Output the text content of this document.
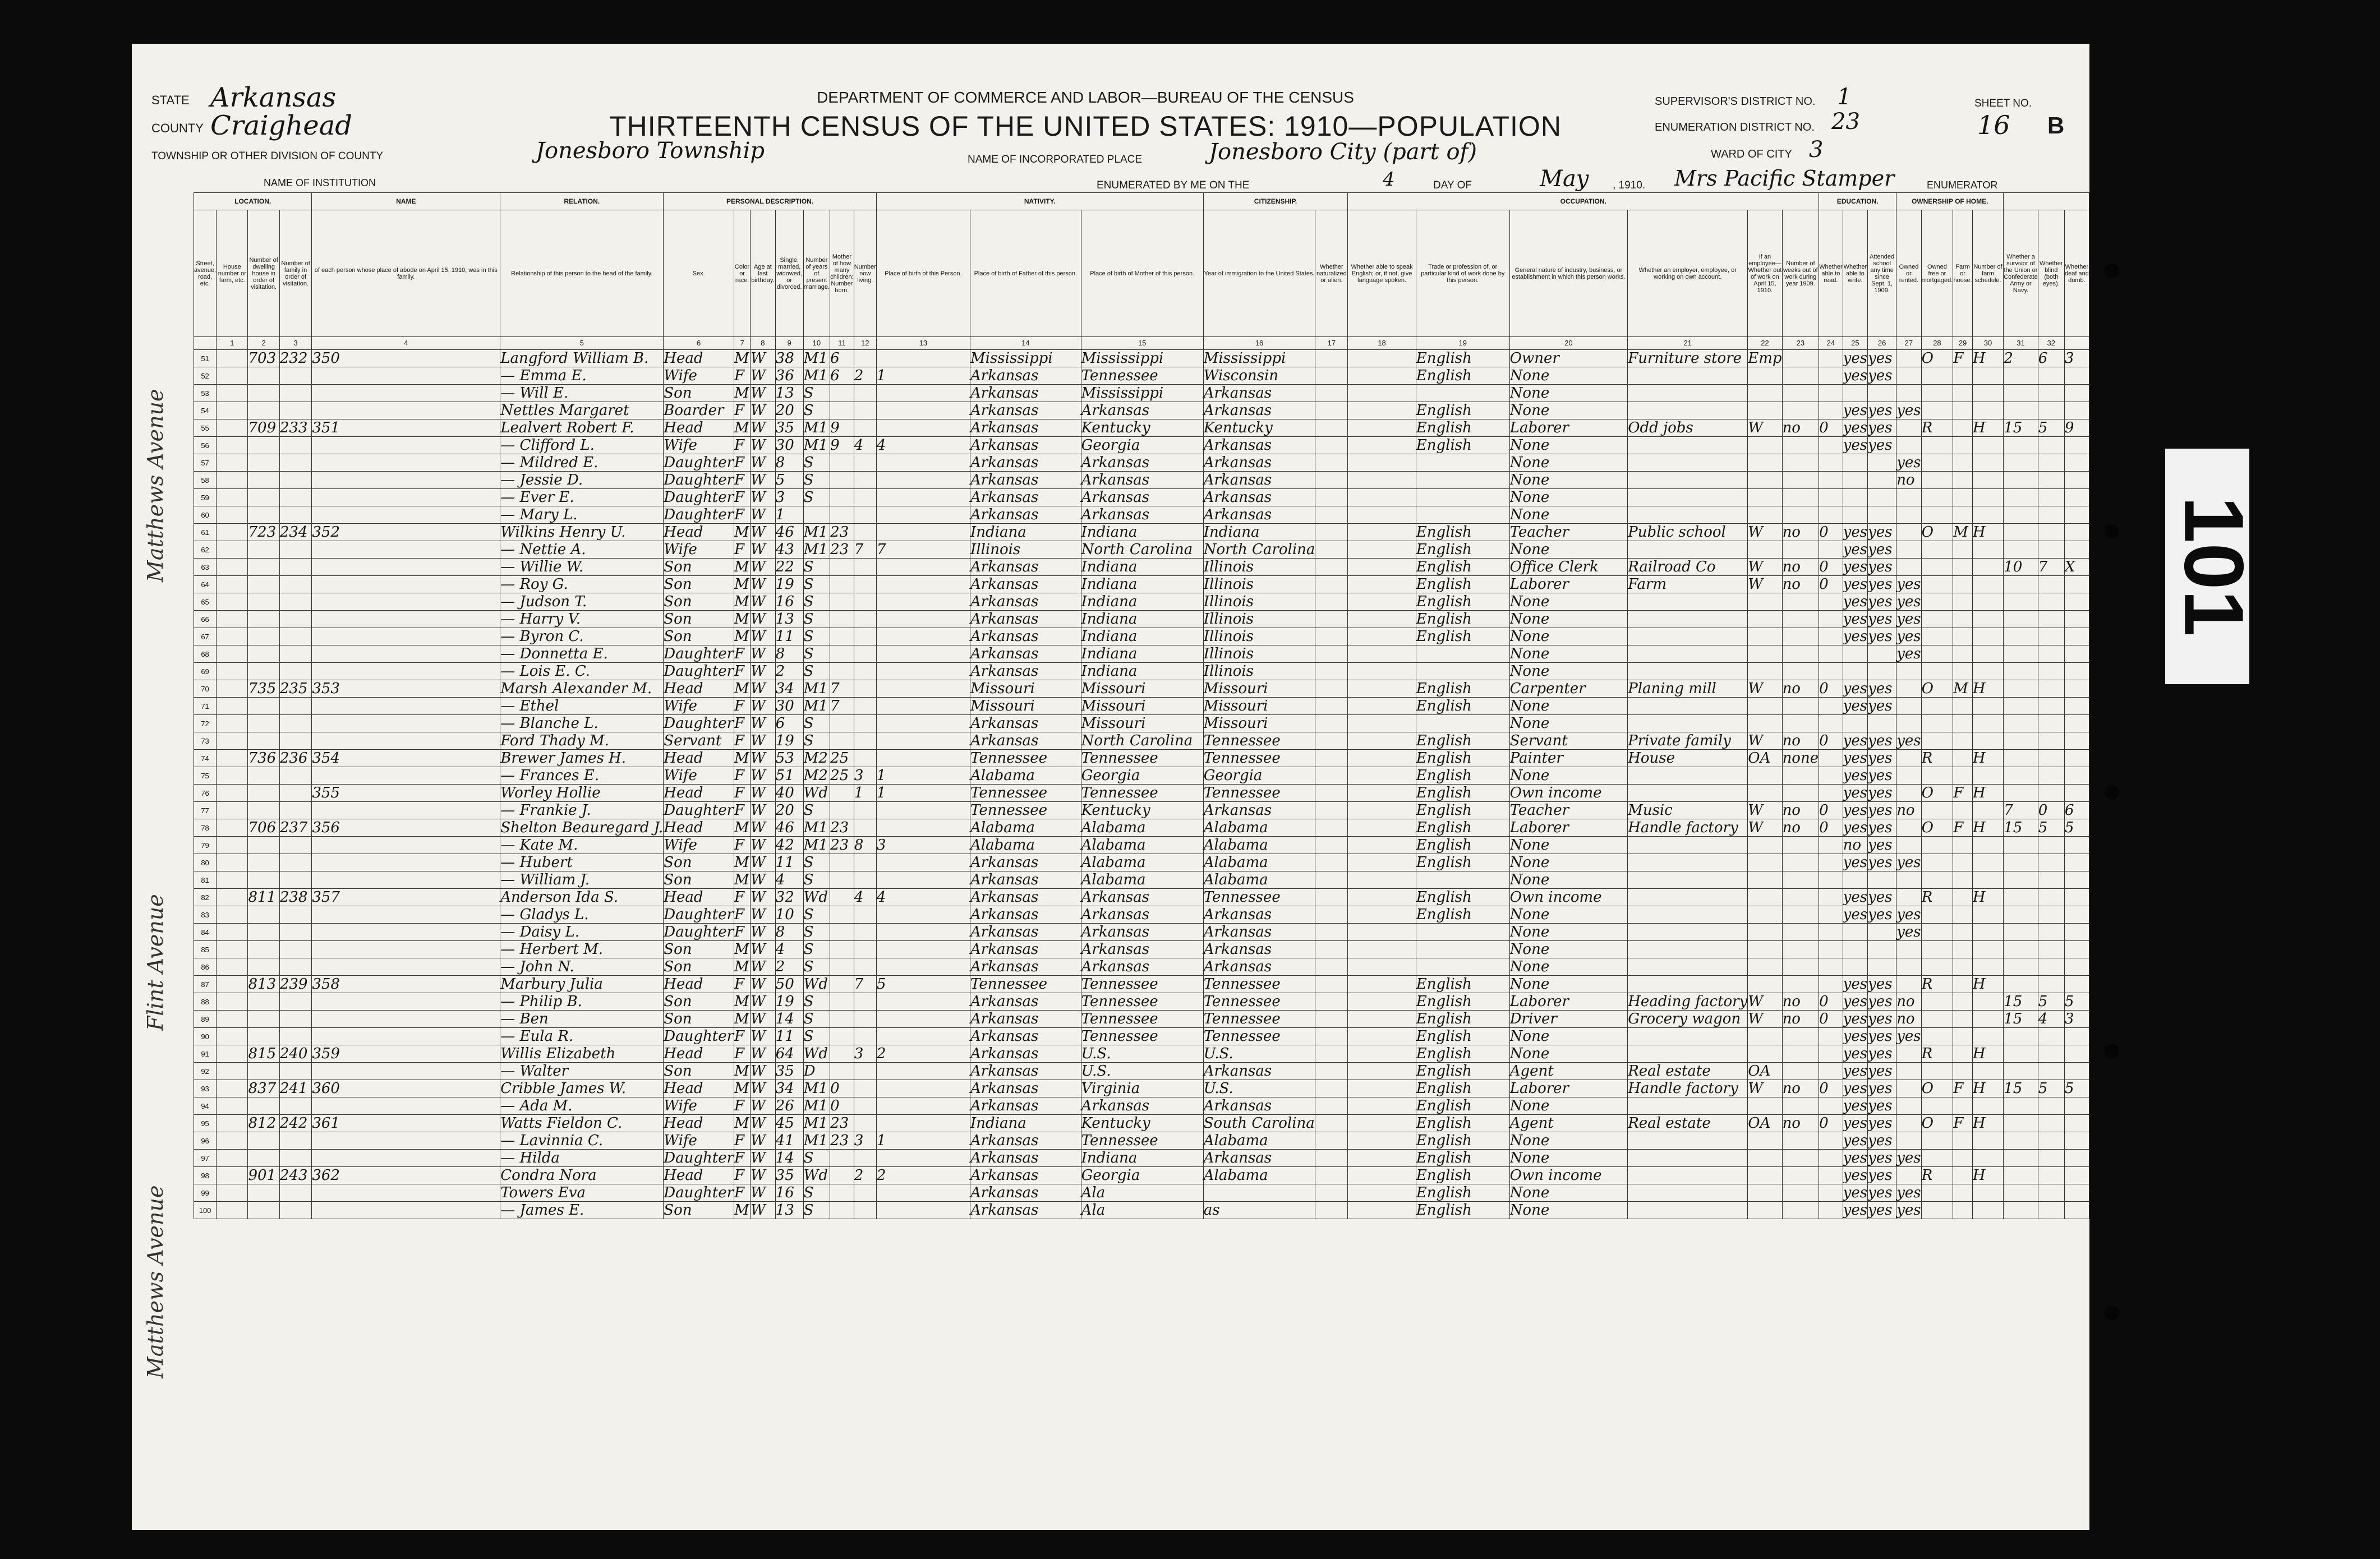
STATE Arkansas
COUNTY Craighead
TOWNSHIP OR OTHER DIVISION OF COUNTY	Jonesboro Township
NAME OF INSTITUTION
DEPARTMENT OF COMMERCE AND LABOR—BUREAU OF THE CENSUS
THIRTEENTH CENSUS OF THE UNITED STATES: 1910—POPULATION
NAME OF INCORPORATED PLACE	Jonesboro City (part of)
ENUMERATED BY ME ON THE	4	DAY OF	May , 1910. Mrs Pacific Stamper	ENUMERATOR
SUPERVISOR'S DISTRICT NO. 1
ENUMERATION DISTRICT NO. 23
WARD OF CITY 3
SHEET NO.
16 B
Matthews Avenue
Flint Avenue
Matthews Avenue
LOCATION.				NAME	RELATION.	PERSONAL DESCRIPTION.							NATIVITY.			CITIZENSHIP.		OCCUPATION.						EDUCATION.			OWNERSHIP OF HOME.						
Street, avenue, road, etc.	House number or farm, etc.	Number of dwelling house in order of visitation.	Number of family in order of visitation.	of each person whose place of abode on April 15, 1910, was in this family.	Relationship of this person to the head of the family.	Sex.	Color or race.	Age at last birthday.	Single, married, widowed, or divorced.	Number of years of present marriage.	Mother of how many children: Number born.	Number now living.	Place of birth of this Person.	Place of birth of Father of this person.	Place of birth of Mother of this person.	Year of immigration to the United States.	Whether naturalized or alien.	Whether able to speak English; or, if not, give language spoken.	Trade or profession of, or particular kind of work done by this person.	General nature of industry, business, or establishment in which this person works.	Whether an employer, employee, or working on own account.	If an employee—Whether out of work on April 15, 1910.	Number of weeks out of work during year 1909.	Whether able to read.	Whether able to write.	Attended school any time since Sept. 1, 1909.	Owned or rented.	Owned free or mortgaged.	Farm or house.	Number of farm schedule.	Whether a survivor of the Union or Confederate Army or Navy.	Whether blind (both eyes).	Whether deaf and dumb.
	1	2	3	4	5	6	7	8	9	10	11	12	13	14	15	16	17	18	19	20	21	22	23	24	25	26	27	28	29	30	31	32	
51		703	232	350	Langford William B.	Head	M	W	38	M1	6			Mississippi	Mississippi	Mississippi			English	Owner	Furniture store	Emp			yes	yes		O	F	H	2	6	3
52					— Emma E.	Wife	F	W	36	M1	6	2	1	Arkansas	Tennessee	Wisconsin			English	None					yes	yes							
53					— Will E.	Son	M	W	13	S				Arkansas	Mississippi	Arkansas				None													
54					Nettles Margaret	Boarder	F	W	20	S				Arkansas	Arkansas	Arkansas			English	None					yes	yes	yes						
55		709	233	351	Lealvert Robert F.	Head	M	W	35	M1	9			Arkansas	Kentucky	Kentucky			English	Laborer	Odd jobs	W	no	0	yes	yes		R		H	15	5	9
56					— Clifford L.	Wife	F	W	30	M1	9	4	4	Arkansas	Georgia	Arkansas			English	None					yes	yes							
57					— Mildred E.	Daughter	F	W	8	S				Arkansas	Arkansas	Arkansas				None							yes						
58					— Jessie D.	Daughter	F	W	5	S				Arkansas	Arkansas	Arkansas				None							no						
59					— Ever E.	Daughter	F	W	3	S				Arkansas	Arkansas	Arkansas				None													
60					— Mary L.	Daughter	F	W	1					Arkansas	Arkansas	Arkansas				None													
61		723	234	352	Wilkins Henry U.	Head	M	W	46	M1	23			Indiana	Indiana	Indiana			English	Teacher	Public school	W	no	0	yes	yes		O	M	H			
62					— Nettie A.	Wife	F	W	43	M1	23	7	7	Illinois	North Carolina	North Carolina			English	None					yes	yes							
63					— Willie W.	Son	M	W	22	S				Arkansas	Indiana	Illinois			English	Office Clerk	Railroad Co	W	no	0	yes	yes					10	7	X
64					— Roy G.	Son	M	W	19	S				Arkansas	Indiana	Illinois			English	Laborer	Farm	W	no	0	yes	yes	yes						
65					— Judson T.	Son	M	W	16	S				Arkansas	Indiana	Illinois			English	None					yes	yes	yes						
66					— Harry V.	Son	M	W	13	S				Arkansas	Indiana	Illinois			English	None					yes	yes	yes						
67					— Byron C.	Son	M	W	11	S				Arkansas	Indiana	Illinois			English	None					yes	yes	yes						
68					— Donnetta E.	Daughter	F	W	8	S				Arkansas	Indiana	Illinois				None							yes						
69					— Lois E. C.	Daughter	F	W	2	S				Arkansas	Indiana	Illinois				None													
70		735	235	353	Marsh Alexander M.	Head	M	W	34	M1	7			Missouri	Missouri	Missouri			English	Carpenter	Planing mill	W	no	0	yes	yes		O	M	H			
71					— Ethel	Wife	F	W	30	M1	7			Missouri	Missouri	Missouri			English	None					yes	yes							
72					— Blanche L.	Daughter	F	W	6	S				Arkansas	Missouri	Missouri				None													
73					Ford Thady M.	Servant	F	W	19	S				Arkansas	North Carolina	Tennessee			English	Servant	Private family	W	no	0	yes	yes	yes						
74		736	236	354	Brewer James H.	Head	M	W	53	M2	25			Tennessee	Tennessee	Tennessee			English	Painter	House	OA	none		yes	yes		R		H			
75					— Frances E.	Wife	F	W	51	M2	25	3	1	Alabama	Georgia	Georgia			English	None					yes	yes							
76				355	Worley Hollie	Head	F	W	40	Wd		1	1	Tennessee	Tennessee	Tennessee			English	Own income					yes	yes		O	F	H			
77					— Frankie J.	Daughter	F	W	20	S				Tennessee	Kentucky	Arkansas			English	Teacher	Music	W	no	0	yes	yes	no				7	0	6
78		706	237	356	Shelton Beauregard J.	Head	M	W	46	M1	23			Alabama	Alabama	Alabama			English	Laborer	Handle factory	W	no	0	yes	yes		O	F	H	15	5	5
79					— Kate M.	Wife	F	W	42	M1	23	8	3	Alabama	Alabama	Alabama			English	None					no	yes							
80					— Hubert	Son	M	W	11	S				Arkansas	Alabama	Alabama			English	None					yes	yes	yes						
81					— William J.	Son	M	W	4	S				Arkansas	Alabama	Alabama				None													
82		811	238	357	Anderson Ida S.	Head	F	W	32	Wd		4	4	Arkansas	Arkansas	Tennessee			English	Own income					yes	yes		R		H			
83					— Gladys L.	Daughter	F	W	10	S				Arkansas	Arkansas	Arkansas			English	None					yes	yes	yes						
84					— Daisy L.	Daughter	F	W	8	S				Arkansas	Arkansas	Arkansas				None							yes						
85					— Herbert M.	Son	M	W	4	S				Arkansas	Arkansas	Arkansas				None													
86					— John N.	Son	M	W	2	S				Arkansas	Arkansas	Arkansas				None													
87		813	239	358	Marbury Julia	Head	F	W	50	Wd		7	5	Tennessee	Tennessee	Tennessee			English	None					yes	yes		R		H			
88					— Philip B.	Son	M	W	19	S				Arkansas	Tennessee	Tennessee			English	Laborer	Heading factory	W	no	0	yes	yes	no				15	5	5
89					— Ben	Son	M	W	14	S				Arkansas	Tennessee	Tennessee			English	Driver	Grocery wagon	W	no	0	yes	yes	no				15	4	3
90					— Eula R.	Daughter	F	W	11	S				Arkansas	Tennessee	Tennessee			English	None					yes	yes	yes						
91		815	240	359	Willis Elizabeth	Head	F	W	64	Wd		3	2	Arkansas	U.S.	U.S.			English	None					yes	yes		R		H			
92					— Walter	Son	M	W	35	D				Arkansas	U.S.	Arkansas			English	Agent	Real estate	OA			yes	yes							
93		837	241	360	Cribble James W.	Head	M	W	34	M1	0			Arkansas	Virginia	U.S.			English	Laborer	Handle factory	W	no	0	yes	yes		O	F	H	15	5	5
94					— Ada M.	Wife	F	W	26	M1	0			Arkansas	Arkansas	Arkansas			English	None					yes	yes							
95		812	242	361	Watts Fieldon C.	Head	M	W	45	M1	23			Indiana	Kentucky	South Carolina			English	Agent	Real estate	OA	no	0	yes	yes		O	F	H			
96					— Lavinnia C.	Wife	F	W	41	M1	23	3	1	Arkansas	Tennessee	Alabama			English	None					yes	yes							
97					— Hilda	Daughter	F	W	14	S				Arkansas	Indiana	Arkansas			English	None					yes	yes	yes						
98		901	243	362	Condra Nora	Head	F	W	35	Wd		2	2	Arkansas	Georgia	Alabama			English	Own income					yes	yes		R		H			
99					Towers Eva	Daughter	F	W	16	S				Arkansas	Ala				English	None					yes	yes	yes						
100					— James E.	Son	M	W	13	S				Arkansas	Ala	as			English	None					yes	yes	yes						
101
